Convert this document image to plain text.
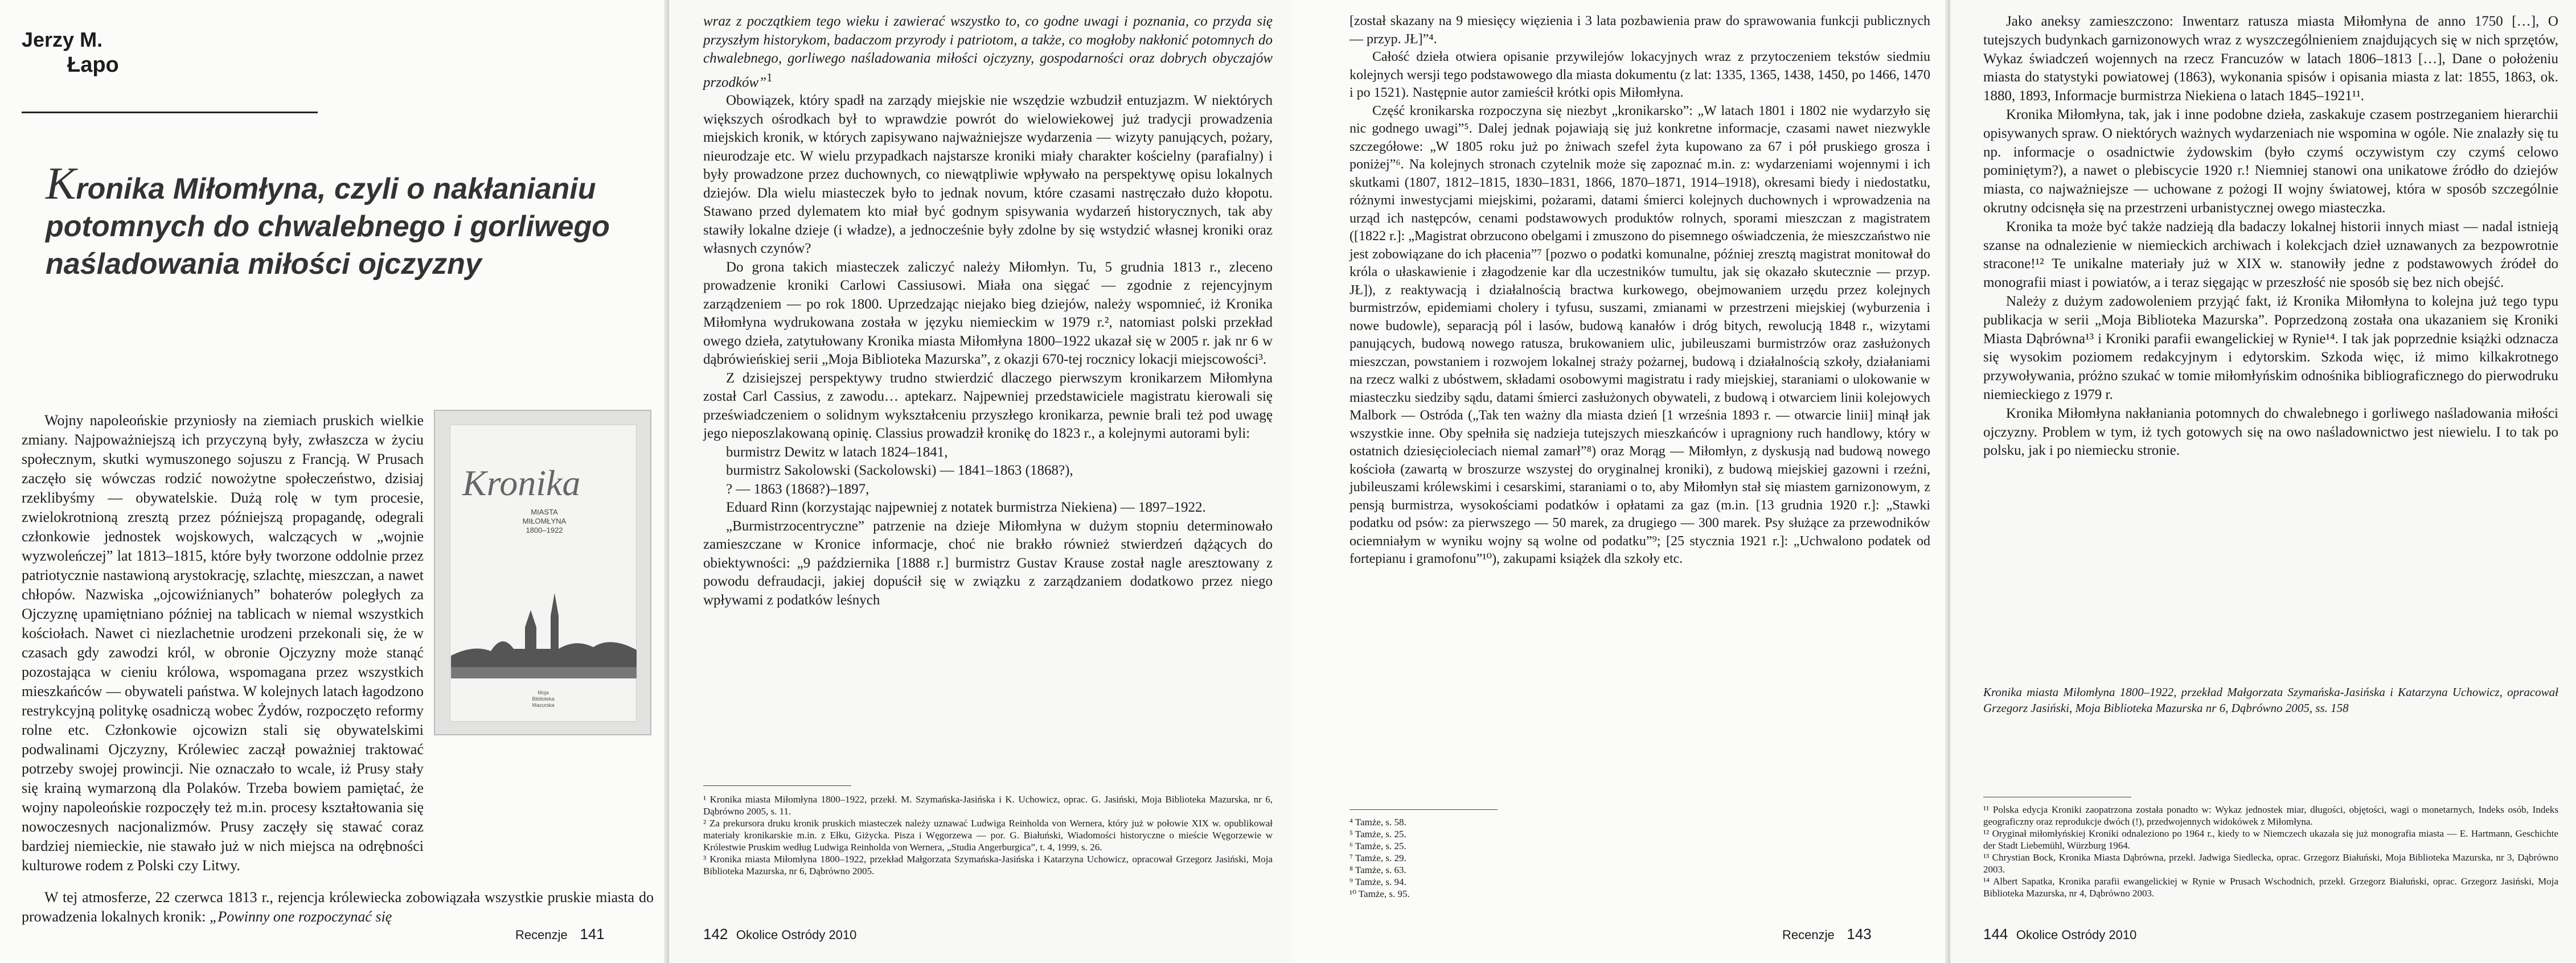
Jerzy M.
Łapo
Kronika Miłomłyna, czyli o nakłanianiu potomnych do chwalebnego i gorliwego naśladowania miłości ojczyzny
Kronika
MIASTA
MIŁOMŁYNA
1800–1922
Moja
Biblioteka
Mazurska

Wojny napoleońskie przyniosły na ziemiach pruskich wielkie zmiany. Najpoważniejszą ich przyczyną były, zwłaszcza w życiu społecznym, skutki wymuszonego sojuszu z Francją. W Prusach zaczęło się wówczas rodzić nowożytne społeczeństwo, dzisiaj rzeklibyśmy — obywatelskie. Dużą rolę w tym procesie, zwielokrotnioną zresztą przez późniejszą propagandę, odegrali członkowie jednostek wojskowych, walczących w „wojnie wyzwoleńczej” lat 1813–1815, które były tworzone oddolnie przez patriotycznie nastawioną arystokrację, szlachtę, mieszczan, a nawet chłopów. Nazwiska „ojcowiźnianych” bohaterów poległych za Ojczyznę upamiętniano później na tablicach w niemal wszystkich kościołach. Nawet ci niezlachetnie urodzeni przekonali się, że w czasach gdy zawodzi król, w obronie Ojczyzny może stanąć pozostająca w cieniu królowa, wspomagana przez wszystkich mieszkańców — obywateli państwa. W kolejnych latach łagodzono restrykcyjną politykę osadniczą wobec Żydów, rozpoczęto reformy rolne etc. Członkowie ojcowizn stali się obywatelskimi podwalinami Ojczyzny, Królewiec zaczął poważniej traktować potrzeby swojej prowincji. Nie oznaczało to wcale, iż Prusy stały się krainą wymarzoną dla Polaków. Trzeba bowiem pamiętać, że wojny napoleońskie rozpoczęły też m.in. procesy kształtowania się nowoczesnych nacjonalizmów. Prusy zaczęły się stawać coraz bardziej niemieckie, nie stawało już w nich miejsca na odrębności kulturowe rodem z Polski czy Litwy.

W tej atmosferze, 22 czerwca 1813 r., rejencja królewiecka zobowiązała wszystkie pruskie miasta do prowadzenia lokalnych kronik: „Powinny one rozpoczynać się

Recenzje 141

wraz z początkiem tego wieku i zawierać wszystko to, co godne uwagi i poznania, co przyda się przyszłym historykom, badaczom przyrody i patriotom, a także, co mogłoby nakłonić potomnych do chwalebnego, gorliwego naśladowania miłości ojczyzny, gospodarności oraz dobrych obyczajów przodków”$^1$

Obowiązek, który spadł na zarządy miejskie nie wszędzie wzbudził entuzjazm. W niektórych większych ośrodkach był to wprawdzie powrót do wielowiekowej już tradycji prowadzenia miejskich kronik, w których zapisywano najważniejsze wydarzenia — wizyty panujących, pożary, nieurodzaje etc. W wielu przypadkach najstarsze kroniki miały charakter kościelny (parafialny) i były prowadzone przez duchownych, co niewątpliwie wpływało na perspektywę opisu lokalnych dziejów. Dla wielu miasteczek było to jednak novum, które czasami nastręczało dużo kłopotu. Stawano przed dylematem kto miał być godnym spisywania wydarzeń historycznych, tak aby stawiły lokalne dzieje (i władze), a jednocześnie były zdolne by się wstydzić własnej kroniki oraz własnych czynów?

Do grona takich miasteczek zaliczyć należy Miłomłyn. Tu, 5 grudnia 1813 r., zleceno prowadzenie kroniki Carlowi Cassiusowi. Miała ona sięgać — zgodnie z rejencyjnym zarządzeniem — po rok 1800. Uprzedzając niejako bieg dziejów, należy wspomnieć, iż Kronika Miłomłyna wydrukowana została w języku niemieckim w 1979 r.², natomiast polski przekład owego dzieła, zatytułowany Kronika miasta Miłomłyna 1800–1922 ukazał się w 2005 r. jak nr 6 w dąbrówieńskiej serii „Moja Biblioteka Mazurska”, z okazji 670-tej rocznicy lokacji miejscowości³.

Z dzisiejszej perspektywy trudno stwierdzić dlaczego pierwszym kronikarzem Miłomłyna został Carl Cassius, z zawodu… aptekarz. Najpewniej przedstawiciele magistratu kierowali się przeświadczeniem o solidnym wykształceniu przyszłego kronikarza, pewnie brali też pod uwagę jego nieposzlakowaną opinię. Classius prowadził kronikę do 1823 r., a kolejnymi autorami byli:

burmistrz Dewitz w latach 1824–1841,

burmistrz Sakolowski (Sackolowski) — 1841–1863 (1868?),

? — 1863 (1868?)–1897,

Eduard Rinn (korzystając najpewniej z notatek burmistrza Niekiena) — 1897–1922.

„Burmistrzocentryczne” patrzenie na dzieje Miłomłyna w dużym stopniu determinowało zamieszczane w Kronice informacje, choć nie brakło również stwierdzeń dążących do obiektywności: „9 października [1888 r.] burmistrz Gustav Krause został nagle aresztowany z powodu defraudacji, jakiej dopuścił się w związku z zarządzaniem dodatkowo przez niego wpływami z podatków leśnych

¹ Kronika miasta Miłomłyna 1800–1922, przekł. M. Szymańska-Jasińska i K. Uchowicz, oprac. G. Jasiński, Moja Biblioteka Mazurska, nr 6, Dąbrówno 2005, s. 11.
² Za prekursora druku kronik pruskich miasteczek należy uznawać Ludwiga Reinholda von Wernera, który już w połowie XIX w. opublikował materiały kronikarskie m.in. z Ełku, Giżycka. Pisza i Węgorzewa — por. G. Białuński, Wiadomości historyczne o mieście Węgorzewie w Królestwie Pruskim według Ludwiga Reinholda von Wernera, „Studia Angerburgica”, t. 4, 1999, s. 26.
³ Kronika miasta Miłomłyna 1800–1922, przekład Małgorzata Szymańska-Jasińska i Katarzyna Uchowicz, opracował Grzegorz Jasiński, Moja Biblioteka Mazurska, nr 6, Dąbrówno 2005.
142 Okolice Ostródy 2010

[został skazany na 9 miesięcy więzienia i 3 lata pozbawienia praw do sprawowania funkcji publicznych — przyp. JŁ]”⁴.

Całość dzieła otwiera opisanie przywilejów lokacyjnych wraz z przytoczeniem tekstów siedmiu kolejnych wersji tego podstawowego dla miasta dokumentu (z lat: 1335, 1365, 1438, 1450, po 1466, 1470 i po 1521). Następnie autor zamieścił krótki opis Miłomłyna.

Część kronikarska rozpoczyna się niezbyt „kronikarsko”: „W latach 1801 i 1802 nie wydarzyło się nic godnego uwagi”⁵. Dalej jednak pojawiają się już konkretne informacje, czasami nawet niezwykle szczegółowe: „W 1805 roku już po żniwach szefel żyta kupowano za 67 i pół pruskiego grosza i poniżej”⁶. Na kolejnych stronach czytelnik może się zapoznać m.in. z: wydarzeniami wojennymi i ich skutkami (1807, 1812–1815, 1830–1831, 1866, 1870–1871, 1914–1918), okresami biedy i niedostatku, różnymi inwestycjami miejskimi, pożarami, datami śmierci kolejnych duchownych i wprowadzenia na urząd ich następców, cenami podstawowych produktów rolnych, sporami mieszczan z magistratem ([1822 r.]: „Magistrat obrzucono obelgami i zmuszono do pisemnego oświadczenia, że mieszczaństwo nie jest zobowiązane do ich płacenia”⁷ [pozwo o podatki komunalne, później zresztą magistrat monitował do króla o ułaskawienie i złagodzenie kar dla uczestników tumultu, jak się okazało skutecznie — przyp. JŁ]), z reaktywacją i działalnością bractwa kurkowego, obejmowaniem urzędu przez kolejnych burmistrzów, epidemiami cholery i tyfusu, suszami, zmianami w przestrzeni miejskiej (wyburzenia i nowe budowle), separacją pól i lasów, budową kanałów i dróg bitych, rewolucją 1848 r., wizytami panujących, budową nowego ratusza, brukowaniem ulic, jubileuszami burmistrzów oraz zasłużonych mieszczan, powstaniem i rozwojem lokalnej straży pożarnej, budową i działalnością szkoły, działaniami na rzecz walki z ubóstwem, składami osobowymi magistratu i rady miejskiej, staraniami o ulokowanie w miasteczku siedziby sądu, datami śmierci zasłużonych obywateli, z budową i otwarciem linii kolejowych Malbork — Ostróda („Tak ten ważny dla miasta dzień [1 września 1893 r. — otwarcie linii] minął jak wszystkie inne. Oby spełniła się nadzieja tutejszych mieszkańców i upragniony ruch handlowy, który w ostatnich dziesięcioleciach niemal zamarł”⁸) oraz Morąg — Miłomłyn, z dyskusją nad budową nowego kościoła (zawartą w broszurze wszystej do oryginalnej kroniki), z budową miejskiej gazowni i rzeźni, jubileuszami królewskimi i cesarskimi, staraniami o to, aby Miłomłyn stał się miastem garnizonowym, z pensją burmistrza, wysokościami podatków i opłatami za gaz (m.in. [13 grudnia 1920 r.]: „Stawki podatku od psów: za pierwszego — 50 marek, za drugiego — 300 marek. Psy służące za przewodników ociemniałym w wyniku wojny są wolne od podatku”⁹; [25 stycznia 1921 r.]: „Uchwalono podatek od fortepianu i gramofonu”¹⁰), zakupami książek dla szkoły etc.

⁴ Tamże, s. 58.
⁵ Tamże, s. 25.
⁶ Tamże, s. 25.
⁷ Tamże, s. 29.
⁸ Tamże, s. 63.
⁹ Tamże, s. 94.
¹⁰ Tamże, s. 95.
Recenzje 143

Jako aneksy zamieszczono: Inwentarz ratusza miasta Miłomłyna de anno 1750 […], O tutejszych budynkach garnizonowych wraz z wyszczególnieniem znajdujących się w nich sprzętów, Wykaz świadczeń wojennych na rzecz Francuzów w latach 1806–1813 […], Dane o położeniu miasta do statystyki powiatowej (1863), wykonania spisów i opisania miasta z lat: 1855, 1863, ok. 1880, 1893, Informacje burmistrza Niekiena o latach 1845–1921¹¹.

Kronika Miłomłyna, tak, jak i inne podobne dzieła, zaskakuje czasem postrzeganiem hierarchii opisywanych spraw. O niektórych ważnych wydarzeniach nie wspomina w ogóle. Nie znalazły się tu np. informacje o osadnictwie żydowskim (było czymś oczywistym czy czymś celowo pominiętym?), a nawet o plebiscycie 1920 r.! Niemniej stanowi ona unikatowe źródło do dziejów miasta, co najważniejsze — uchowane z pożogi II wojny światowej, która w sposób szczególnie okrutny odcisnęła się na przestrzeni urbanistycznej owego miasteczka.

Kronika ta może być także nadzieją dla badaczy lokalnej historii innych miast — nadal istnieją szanse na odnalezienie w niemieckich archiwach i kolekcjach dzieł uznawanych za bezpowrotnie stracone!¹² Te unikalne materiały już w XIX w. stanowiły jedne z podstawowych źródeł do monografii miast i powiatów, a i teraz sięgając w przeszłość nie sposób się bez nich obejść.

Należy z dużym zadowoleniem przyjąć fakt, iż Kronika Miłomłyna to kolejna już tego typu publikacja w serii „Moja Biblioteka Mazurska”. Poprzedzoną została ona ukazaniem się Kroniki Miasta Dąbrówna¹³ i Kroniki parafii ewangelickiej w Rynie¹⁴. I tak jak poprzednie książki odznacza się wysokim poziomem redakcyjnym i edytorskim. Szkoda więc, iż mimo kilkakrotnego przywoływania, próżno szukać w tomie miłomłyńskim odnośnika bibliograficznego do pierwodruku niemieckiego z 1979 r.

Kronika Miłomłyna nakłaniania potomnych do chwalebnego i gorliwego naśladowania miłości ojczyzny. Problem w tym, iż tych gotowych się na owo naśladownictwo jest niewielu. I to tak po polsku, jak i po niemiecku stronie.

Kronika miasta Miłomłyna 1800–1922, przekład Małgorzata Szymańska-Jasińska i Katarzyna Uchowicz, opracował Grzegorz Jasiński, Moja Biblioteka Mazurska nr 6, Dąbrówno 2005, ss. 158
¹¹ Polska edycja Kroniki zaopatrzona została ponadto w: Wykaz jednostek miar, długości, objętości, wagi o monetarnych, Indeks osób, Indeks geograficzny oraz reprodukcje dwóch (!), przedwojennych widokówek z Miłomłyna.
¹² Oryginał miłomłyńskiej Kroniki odnaleziono po 1964 r., kiedy to w Niemczech ukazała się już monografia miasta — E. Hartmann, Geschichte der Stadt Liebemühl, Würzburg 1964.
¹³ Chrystian Bock, Kronika Miasta Dąbrówna, przekł. Jadwiga Siedlecka, oprac. Grzegorz Białuński, Moja Biblioteka Mazurska, nr 3, Dąbrówno 2003.
¹⁴ Albert Sapatka, Kronika parafii ewangelickiej w Rynie w Prusach Wschodnich, przekł. Grzegorz Białuński, oprac. Grzegorz Jasiński, Moja Biblioteka Mazurska, nr 4, Dąbrówno 2003.
144 Okolice Ostródy 2010
